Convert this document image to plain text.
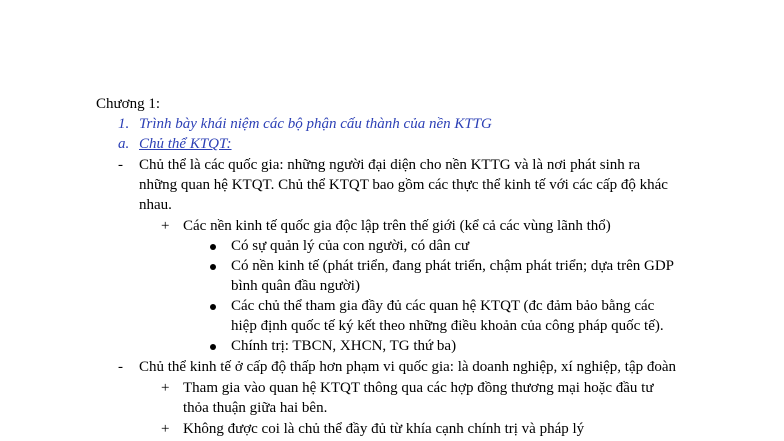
Chương 1:
1. Trình bày khái niệm các bộ phận cấu thành của nền KTTG
a. Chủ thể KTQT:
- Chủ thể là các quốc gia: những người đại diện cho nền KTTG và là nơi phát sinh ra
những quan hệ KTQT. Chủ thể KTQT bao gồm các thực thể kinh tế với các cấp độ khác
nhau.
+ Các nền kinh tế quốc gia độc lập trên thế giới (kể cả các vùng lãnh thổ)
Có sự quản lý của con người, có dân cư
Có nền kinh tế (phát triển, đang phát triển, chậm phát triển; dựa trên GDP
bình quân đầu người)
Các chủ thể tham gia đầy đủ các quan hệ KTQT (đc đảm bảo bằng các
hiệp định quốc tế ký kết theo những điều khoản của công pháp quốc tế).
Chính trị: TBCN, XHCN, TG thứ ba)
- Chủ thể kinh tế ở cấp độ thấp hơn phạm vi quốc gia: là doanh nghiệp, xí nghiệp, tập đoàn
+ Tham gia vào quan hệ KTQT thông qua các hợp đồng thương mại hoặc đầu tư
thỏa thuận giữa hai bên.
+ Không được coi là chủ thể đầy đủ từ khía cạnh chính trị và pháp lý
